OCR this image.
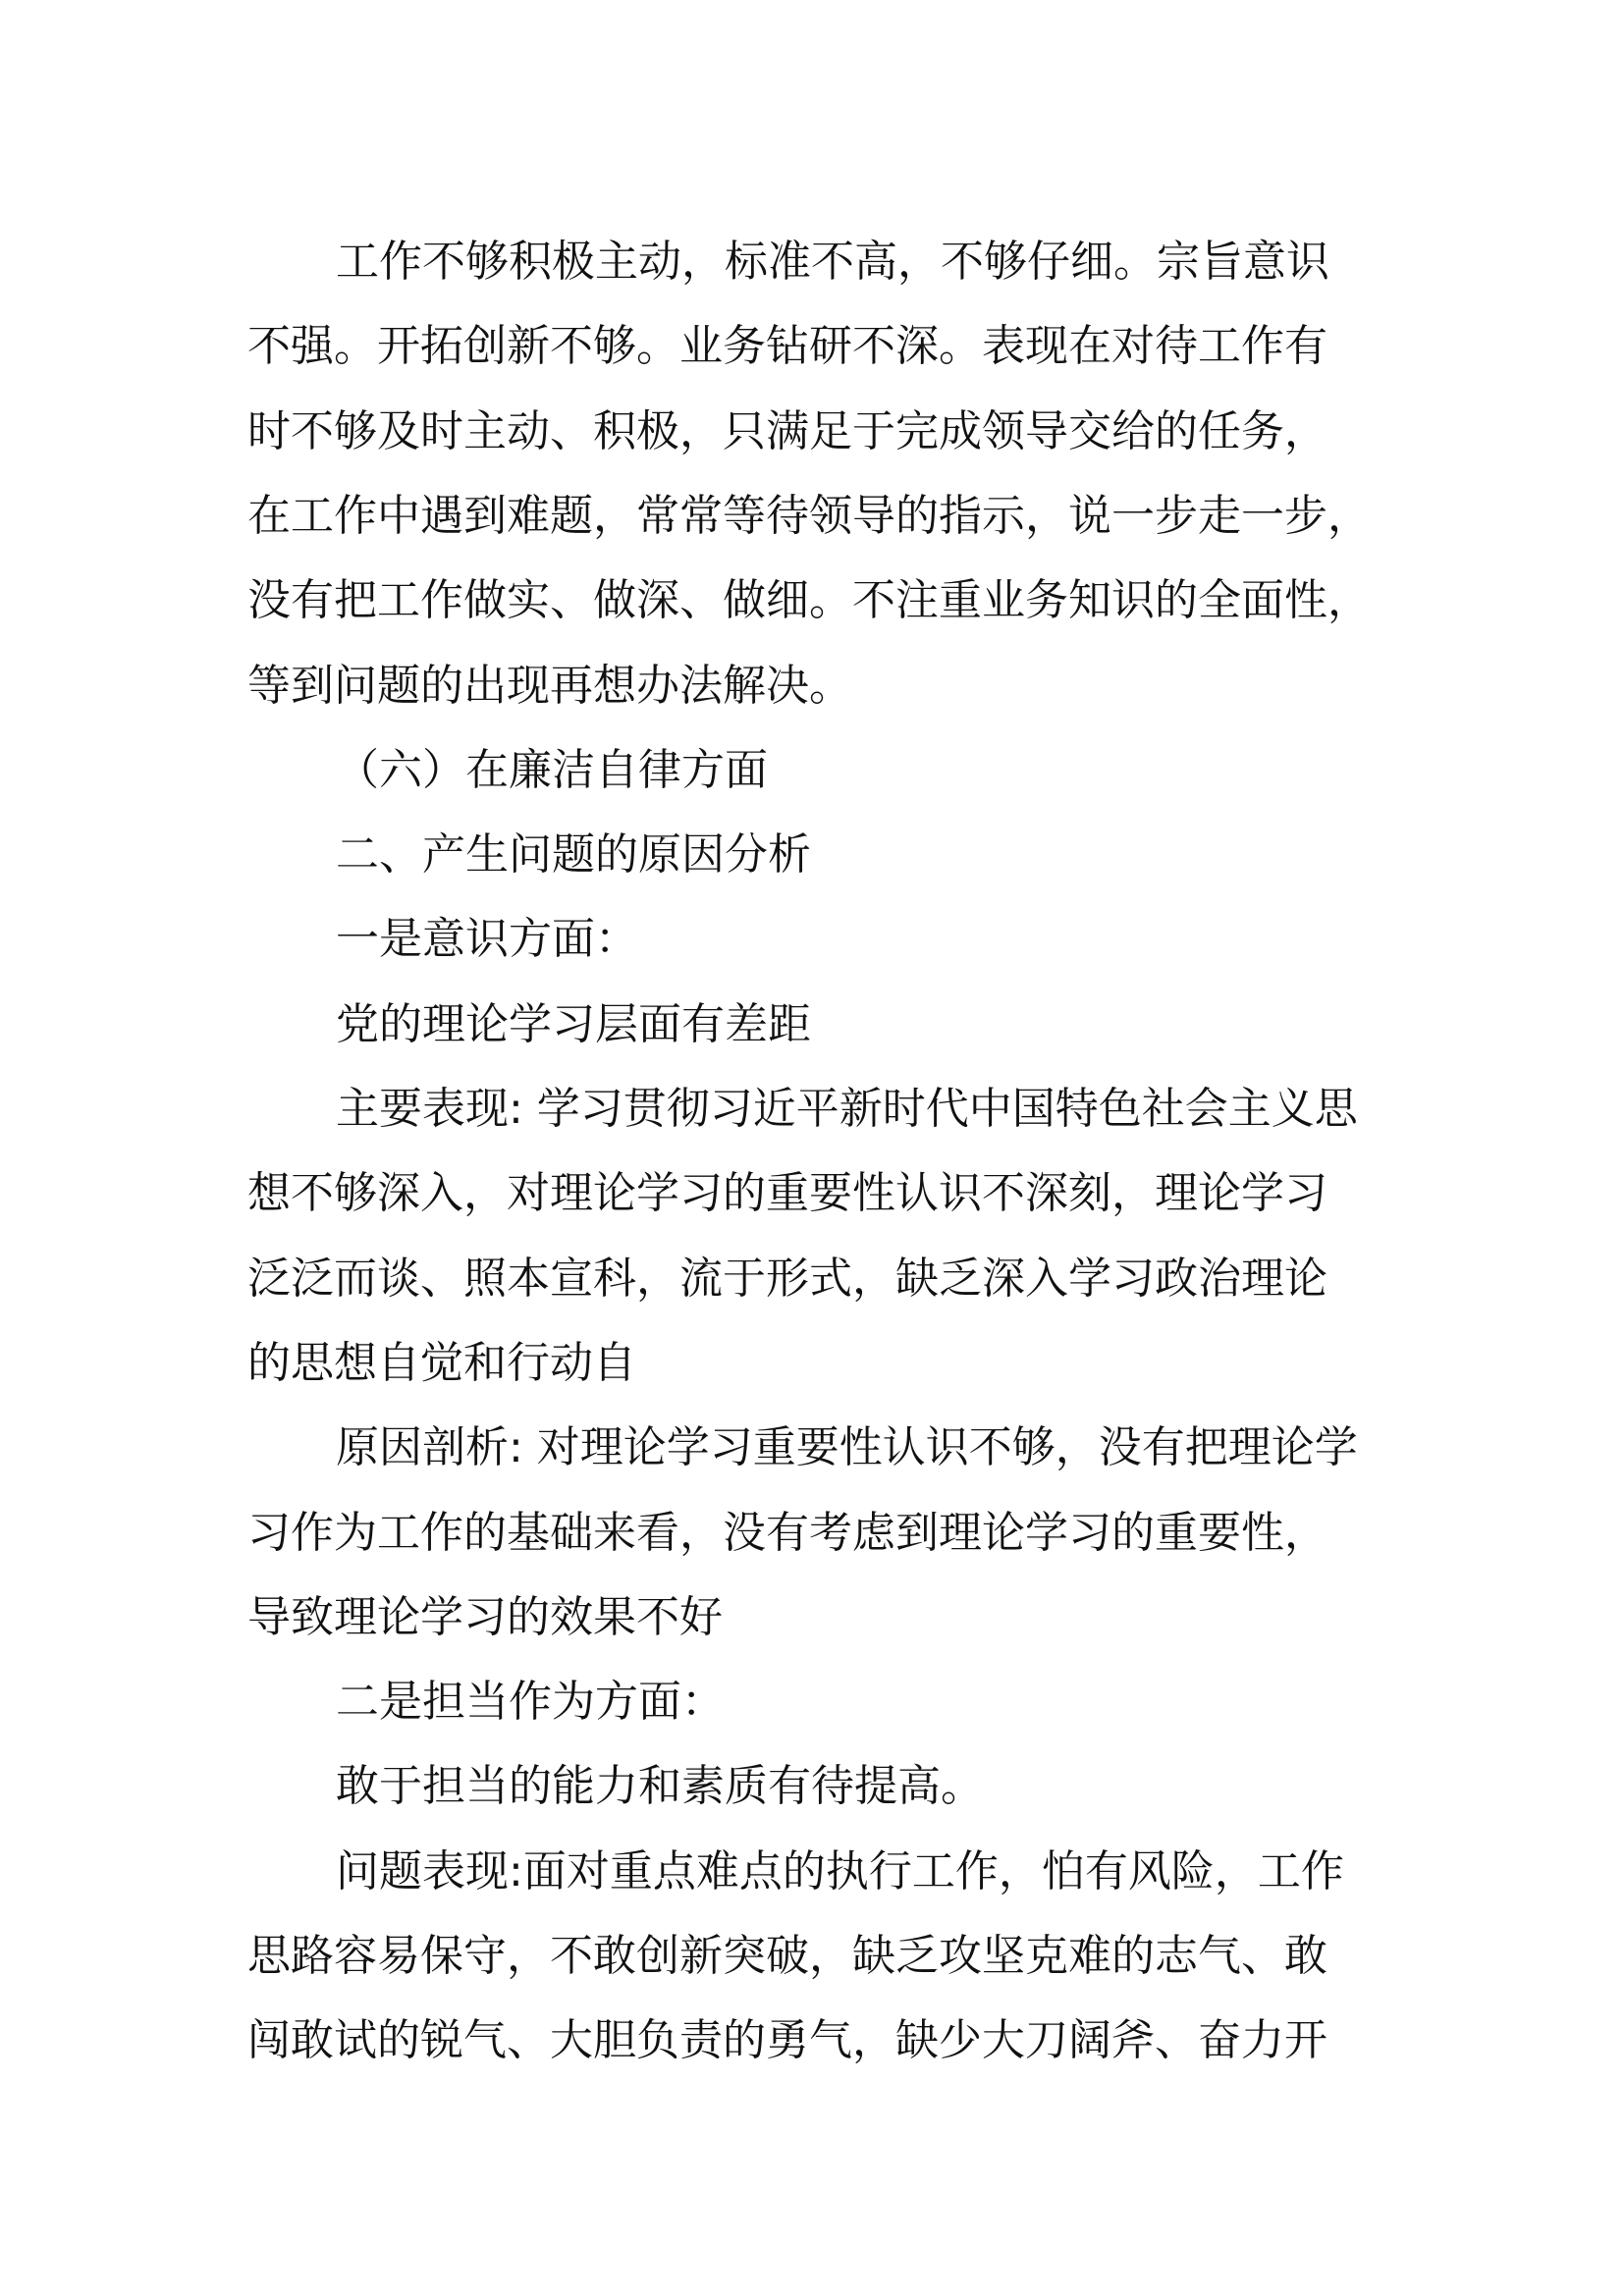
工作不够积极主动，标准不高，不够仔细。宗旨意识
不强。开拓创新不够。业务钻研不深。表现在对待工作有
时不够及时主动、积极，只满足于完成领导交给的任务，
在工作中遇到难题，常常等待领导的指示，说一步走一步，
没有把工作做实、做深、做细。不注重业务知识的全面性，
等到问题的出现再想办法解决。
（六）在廉洁自律方面
二、产生问题的原因分析
一是意识方面：
党的理论学习层面有差距
主要表现: 学习贯彻习近平新时代中国特色社会主义思
想不够深入，对理论学习的重要性认识不深刻，理论学习
泛泛而谈、照本宣科，流于形式，缺乏深入学习政治理论
的思想自觉和行动自
原因剖析: 对理论学习重要性认识不够，没有把理论学
习作为工作的基础来看，没有考虑到理论学习的重要性，
导致理论学习的效果不好
二是担当作为方面：
敢于担当的能力和素质有待提高。
问题表现:面对重点难点的执行工作，怕有风险，工作
思路容易保守，不敢创新突破，缺乏攻坚克难的志气、敢
闯敢试的锐气、大胆负责的勇气，缺少大刀阔斧、奋力开
